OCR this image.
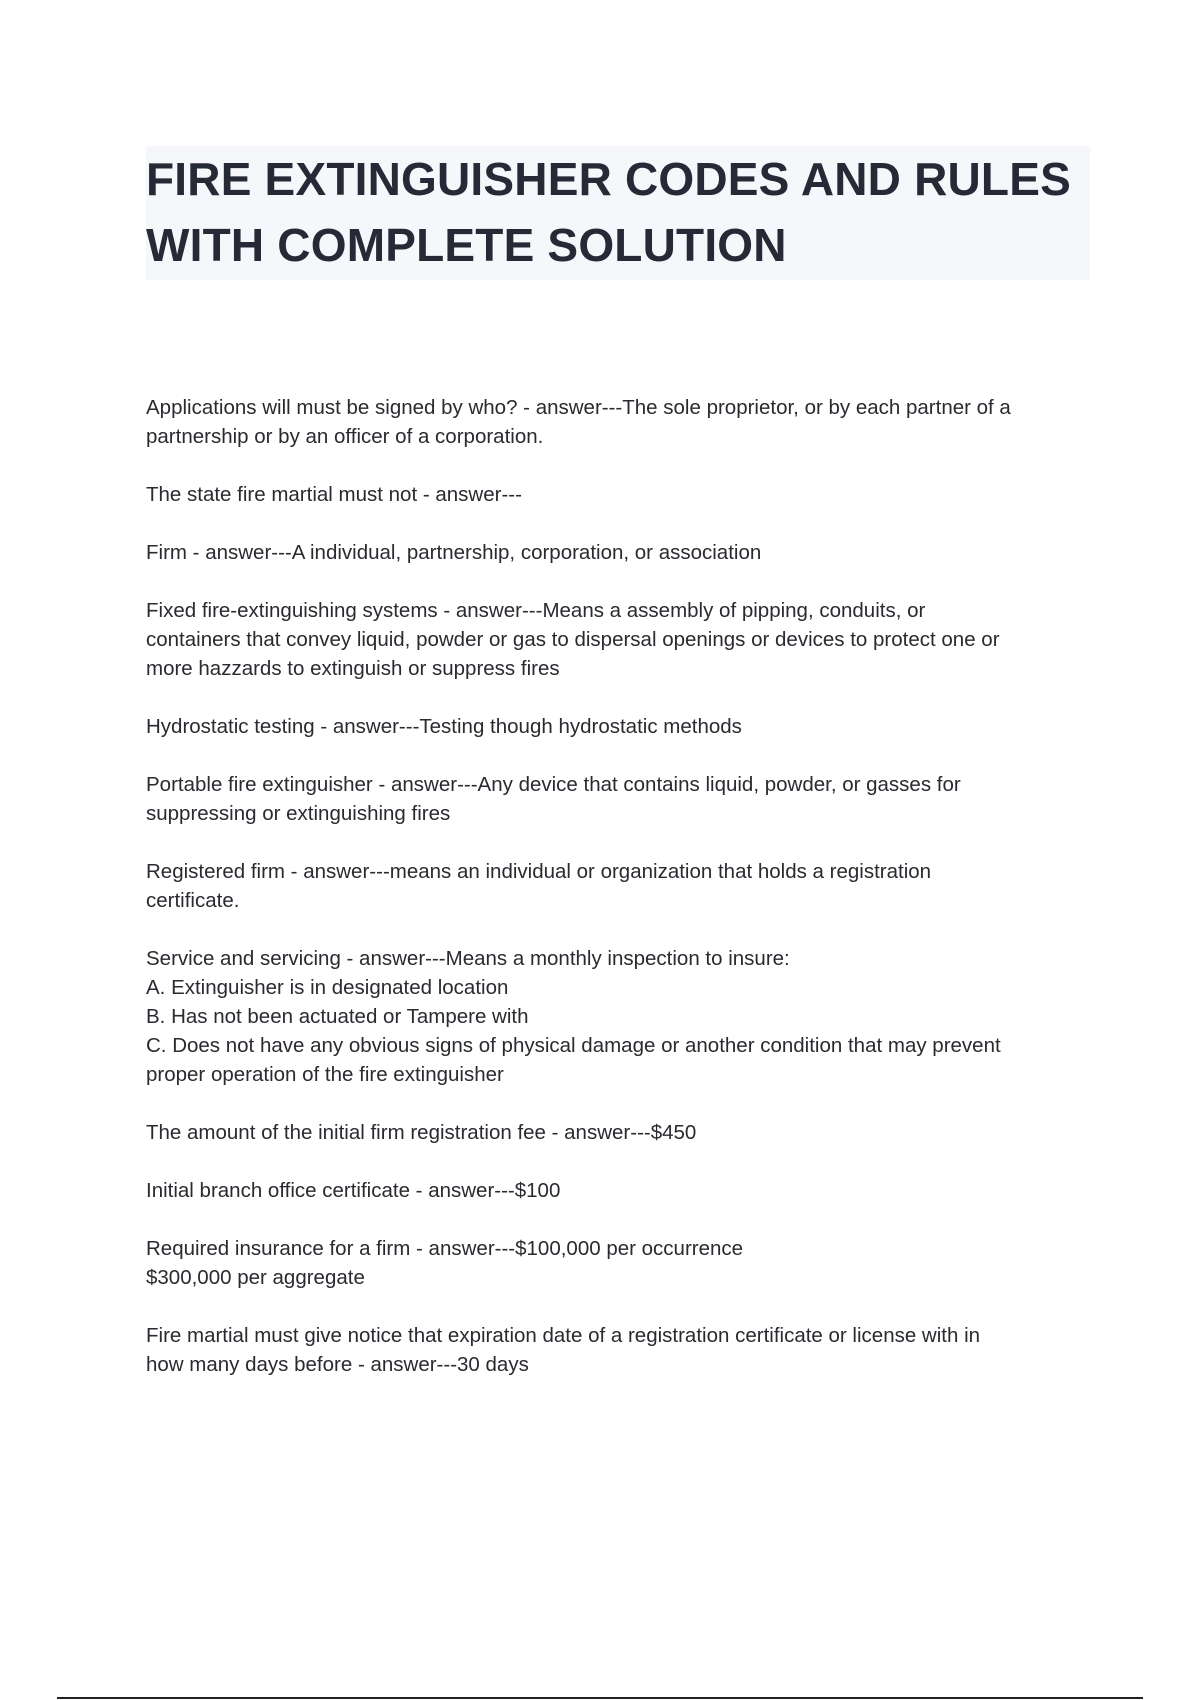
FIRE EXTINGUISHER CODES AND RULES
WITH COMPLETE SOLUTION
Applications will must be signed by who? - answer---The sole proprietor, or by each partner of a
partnership or by an officer of a corporation.
The state fire martial must not - answer---
Firm - answer---A individual, partnership, corporation, or association
Fixed fire-extinguishing systems - answer---Means a assembly of pipping, conduits, or
containers that convey liquid, powder or gas to dispersal openings or devices to protect one or
more hazzards to extinguish or suppress fires
Hydrostatic testing - answer---Testing though hydrostatic methods
Portable fire extinguisher - answer---Any device that contains liquid, powder, or gasses for
suppressing or extinguishing fires
Registered firm - answer---means an individual or organization that holds a registration
certificate.
Service and servicing - answer---Means a monthly inspection to insure:
A. Extinguisher is in designated location
B. Has not been actuated or Tampere with
C. Does not have any obvious signs of physical damage or another condition that may prevent
proper operation of the fire extinguisher
The amount of the initial firm registration fee - answer---$450
Initial branch office certificate - answer---$100
Required insurance for a firm - answer---$100,000 per occurrence
$300,000 per aggregate
Fire martial must give notice that expiration date of a registration certificate or license with in
how many days before - answer---30 days
